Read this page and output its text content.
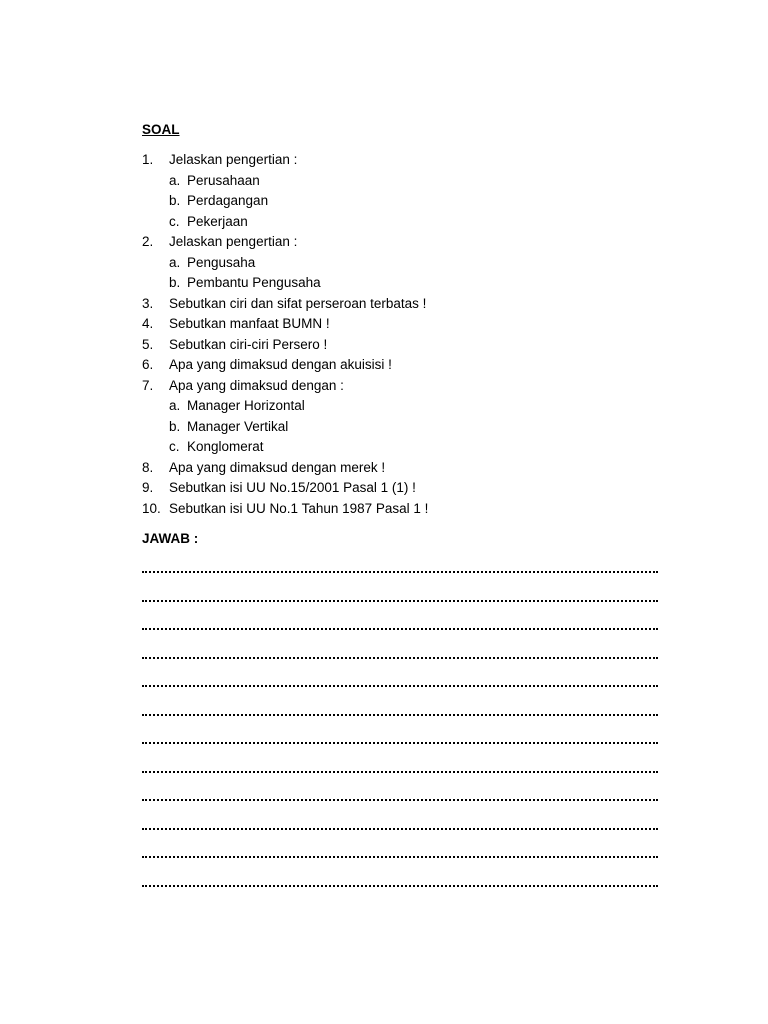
SOAL
1.	Jelaskan pengertian :
a. Perusahaan
b. Perdagangan
c. Pekerjaan
2.	Jelaskan pengertian :
a. Pengusaha
b. Pembantu Pengusaha
3.	Sebutkan ciri dan sifat perseroan terbatas !
4.	Sebutkan manfaat BUMN !
5.	Sebutkan ciri-ciri Persero !
6.	Apa yang dimaksud dengan akuisisi !
7.	Apa yang dimaksud dengan :
a. Manager Horizontal
b. Manager Vertikal
c. Konglomerat
8.	Apa yang dimaksud dengan merek !
9.	Sebutkan isi UU No.15/2001 Pasal 1 (1) !
10. Sebutkan isi UU No.1 Tahun 1987 Pasal 1 !
JAWAB :
